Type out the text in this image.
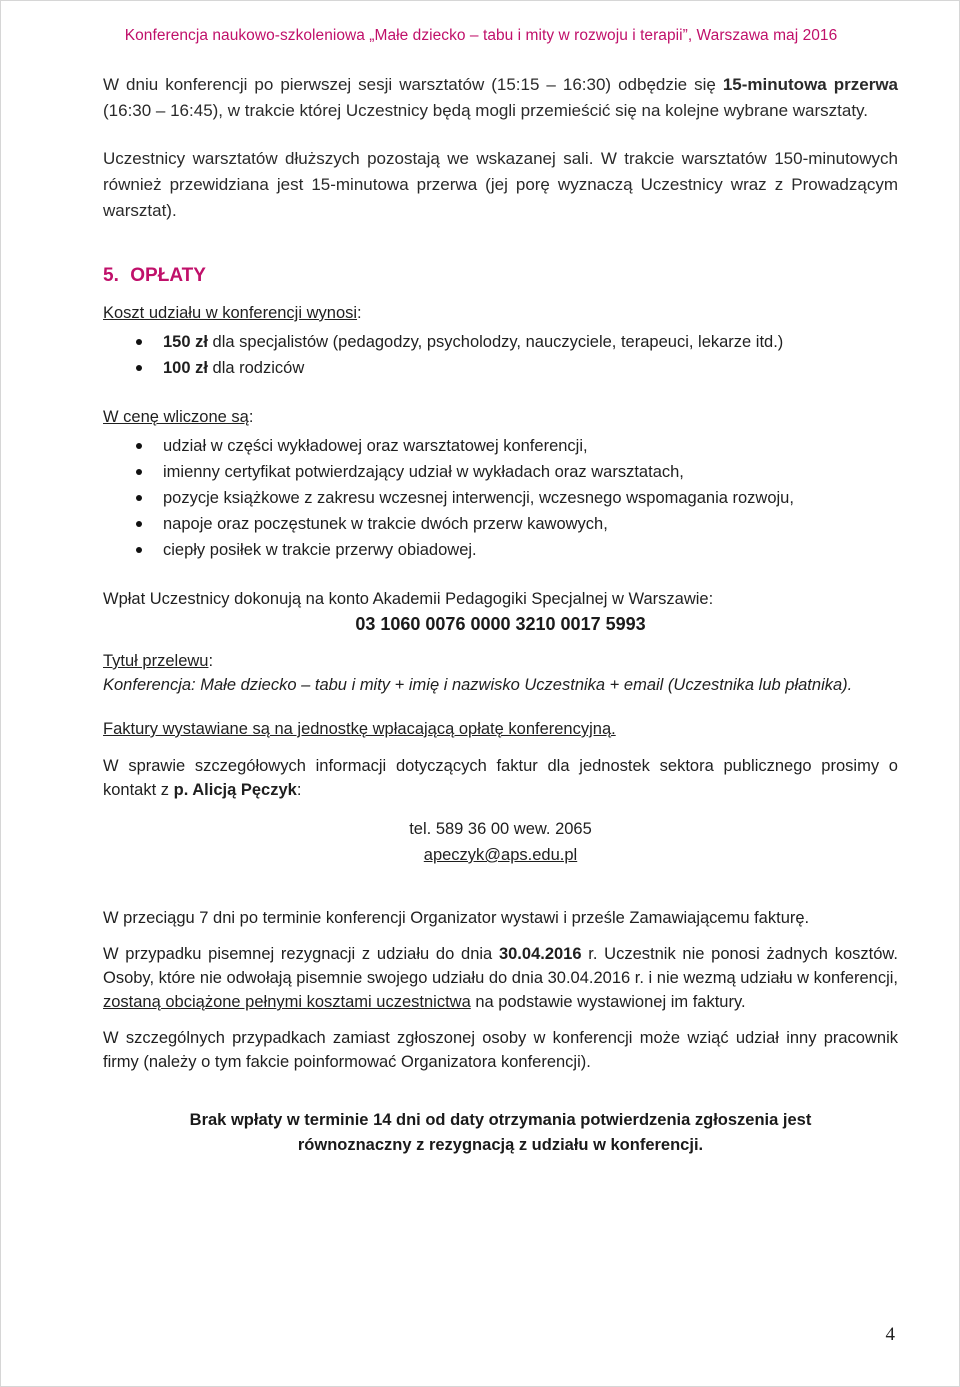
Konferencja naukowo-szkoleniowa „Małe dziecko – tabu i mity w rozwoju i terapii”, Warszawa maj 2016

W dniu konferencji po pierwszej sesji warsztatów (15:15 – 16:30) odbędzie się 15-minutowa przerwa (16:30 – 16:45), w trakcie której Uczestnicy będą mogli przemieścić się na kolejne wybrane warsztaty.

Uczestnicy warsztatów dłuższych pozostają we wskazanej sali. W trakcie warsztatów 150-minutowych również przewidziana jest 15-minutowa przerwa (jej porę wyznaczą Uczestnicy wraz z Prowadzącym warsztat).

5. OPŁATY

Koszt udziału w konferencji wynosi:

150 zł dla specjalistów (pedagodzy, psycholodzy, nauczyciele, terapeuci, lekarze itd.)
100 zł dla rodziców

W cenę wliczone są:

udział w części wykładowej oraz warsztatowej konferencji,
imienny certyfikat potwierdzający udział w wykładach oraz warsztatach,
pozycje książkowe z zakresu wczesnej interwencji, wczesnego wspomagania rozwoju,
napoje oraz poczęstunek w trakcie dwóch przerw kawowych,
ciepły posiłek w trakcie przerwy obiadowej.

Wpłat Uczestnicy dokonują na konto Akademii Pedagogiki Specjalnej w Warszawie:

03 1060 0076 0000 3210 0017 5993

Tytuł przelewu:

Konferencja: Małe dziecko – tabu i mity + imię i nazwisko Uczestnika + email (Uczestnika lub płatnika).

Faktury wystawiane są na jednostkę wpłacającą opłatę konferencyjną.

W sprawie szczegółowych informacji dotyczących faktur dla jednostek sektora publicznego prosimy o kontakt z p. Alicją Pęczyk:

tel. 589 36 00 wew. 2065
apeczyk@aps.edu.pl

W przeciągu 7 dni po terminie konferencji Organizator wystawi i prześle Zamawiającemu fakturę.

W przypadku pisemnej rezygnacji z udziału do dnia 30.04.2016 r. Uczestnik nie ponosi żadnych kosztów. Osoby, które nie odwołają pisemnie swojego udziału do dnia 30.04.2016 r. i nie wezmą udziału w konferencji, zostaną obciążone pełnymi kosztami uczestnictwa na podstawie wystawionej im faktury.

W szczególnych przypadkach zamiast zgłoszonej osoby w konferencji może wziąć udział inny pracownik firmy (należy o tym fakcie poinformować Organizatora konferencji).

Brak wpłaty w terminie 14 dni od daty otrzymania potwierdzenia zgłoszenia jest
równoznaczny z rezygnacją z udziału w konferencji.
4
